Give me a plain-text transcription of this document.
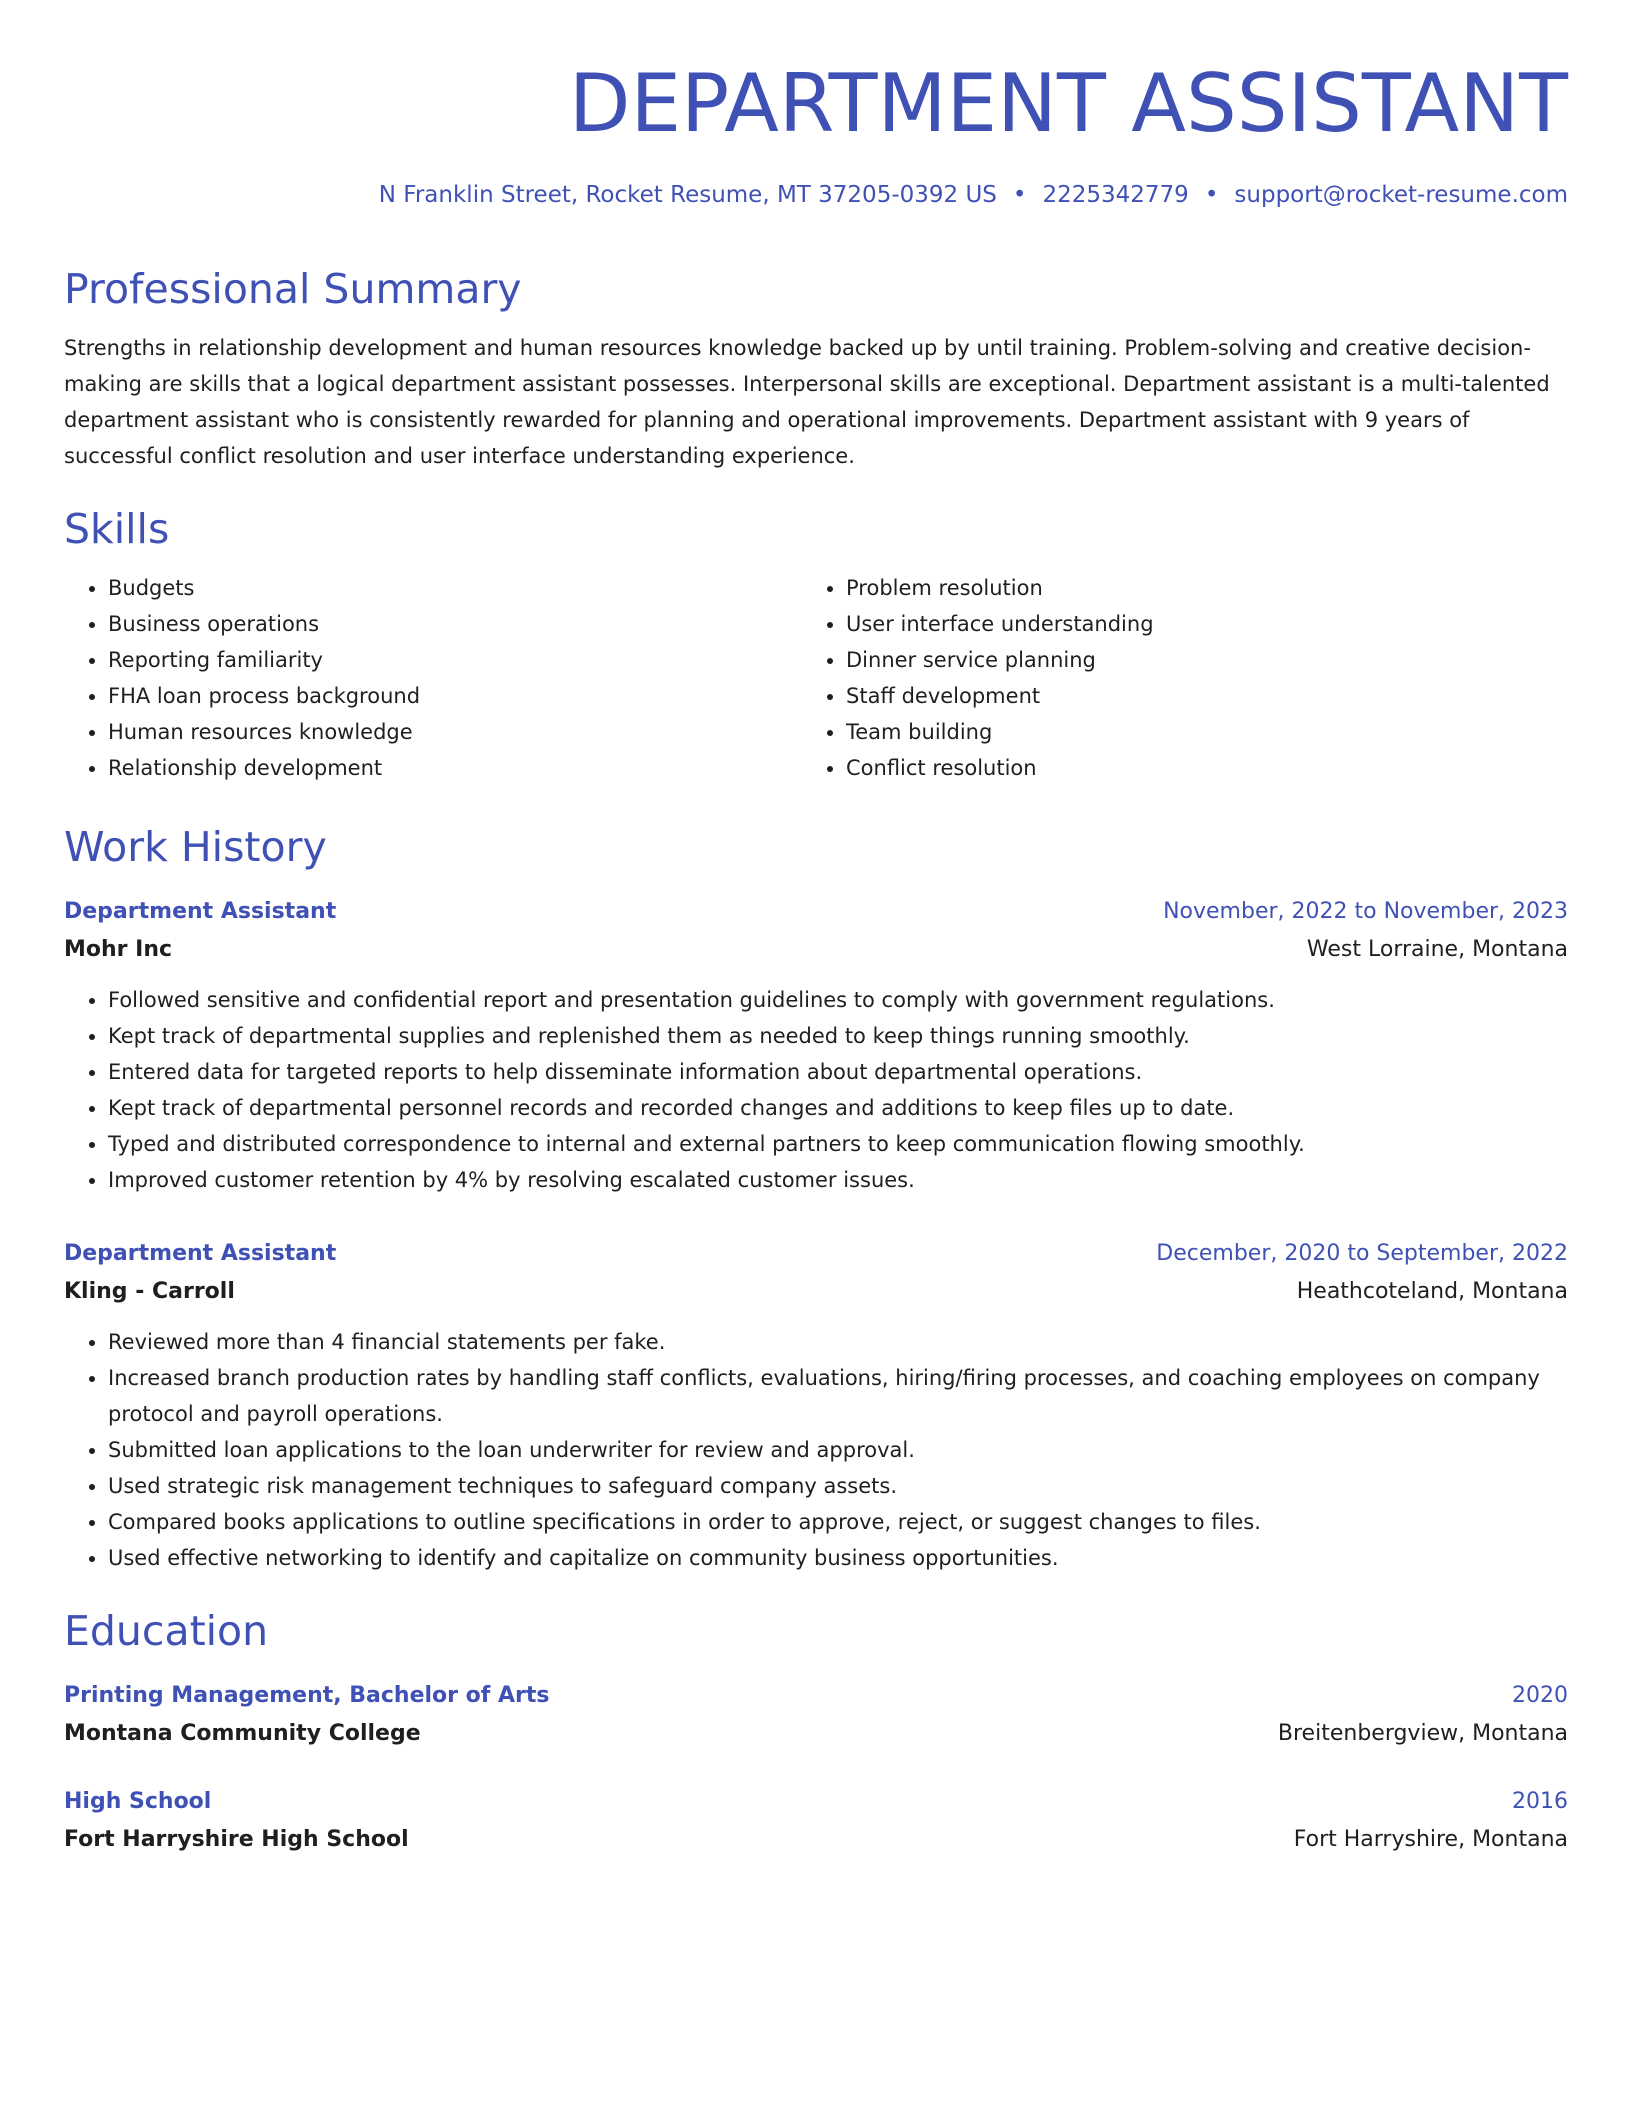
DEPARTMENT ASSISTANT
N Franklin Street, Rocket Resume, MT 37205-0392 US • 2225342779 • support@rocket-resume.com
Professional Summary
Strengths in relationship development and human resources knowledge backed up by until training. Problem-solving and creative decision-making are skills that a logical department assistant possesses. Interpersonal skills are exceptional. Department assistant is a multi-talented department assistant who is consistently rewarded for planning and operational improvements. Department assistant with 9 years of successful conflict resolution and user interface understanding experience.
Skills
• Budgets
• Business operations
• Reporting familiarity
• FHA loan process background
• Human resources knowledge
• Relationship development
• Problem resolution
• User interface understanding
• Dinner service planning
• Staff development
• Team building
• Conflict resolution
Work History
Department Assistant	November, 2022 to November, 2023
Mohr Inc	West Lorraine, Montana
• Followed sensitive and confidential report and presentation guidelines to comply with government regulations.
• Kept track of departmental supplies and replenished them as needed to keep things running smoothly.
• Entered data for targeted reports to help disseminate information about departmental operations.
• Kept track of departmental personnel records and recorded changes and additions to keep files up to date.
• Typed and distributed correspondence to internal and external partners to keep communication flowing smoothly.
• Improved customer retention by 4% by resolving escalated customer issues.
Department Assistant	December, 2020 to September, 2022
Kling - Carroll	Heathcoteland, Montana
• Reviewed more than 4 financial statements per fake.
• Increased branch production rates by handling staff conflicts, evaluations, hiring/firing processes, and coaching employees on company protocol and payroll operations.
• Submitted loan applications to the loan underwriter for review and approval.
• Used strategic risk management techniques to safeguard company assets.
• Compared books applications to outline specifications in order to approve, reject, or suggest changes to files.
• Used effective networking to identify and capitalize on community business opportunities.
Education
Printing Management, Bachelor of Arts	2020
Montana Community College	Breitenbergview, Montana
High School	2016
Fort Harryshire High School	Fort Harryshire, Montana
